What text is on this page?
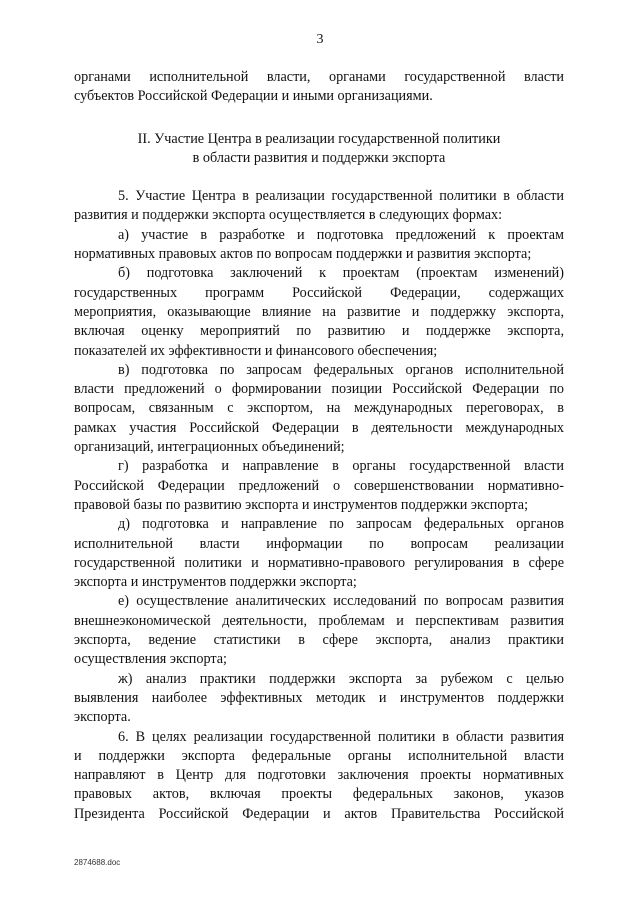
3
органами исполнительной власти, органами государственной власти
субъектов Российской Федерации и иными организациями.
II. Участие Центра в реализации государственной политики
в области развития и поддержки экспорта
5. Участие Центра в реализации государственной политики в области
развития и поддержки экспорта осуществляется в следующих формах:
а) участие в разработке и подготовка предложений к проектам
нормативных правовых актов по вопросам поддержки и развития экспорта;
б) подготовка заключений к проектам (проектам изменений)
государственных программ Российской Федерации, содержащих
мероприятия, оказывающие влияние на развитие и поддержку экспорта,
включая оценку мероприятий по развитию и поддержке экспорта,
показателей их эффективности и финансового обеспечения;
в) подготовка по запросам федеральных органов исполнительной
власти предложений о формировании позиции Российской Федерации по
вопросам, связанным с экспортом, на международных переговорах, в
рамках участия Российской Федерации в деятельности международных
организаций, интеграционных объединений;
г) разработка и направление в органы государственной власти
Российской Федерации предложений о совершенствовании нормативно-
правовой базы по развитию экспорта и инструментов поддержки экспорта;
д) подготовка и направление по запросам федеральных органов
исполнительной власти информации по вопросам реализации
государственной политики и нормативно-правового регулирования в сфере
экспорта и инструментов поддержки экспорта;
е) осуществление аналитических исследований по вопросам развития
внешнеэкономической деятельности, проблемам и перспективам развития
экспорта, ведение статистики в сфере экспорта, анализ практики
осуществления экспорта;
ж) анализ практики поддержки экспорта за рубежом с целью
выявления наиболее эффективных методик и инструментов поддержки
экспорта.
6. В целях реализации государственной политики в области развития
и поддержки экспорта федеральные органы исполнительной власти
направляют в Центр для подготовки заключения проекты нормативных
правовых актов, включая проекты федеральных законов, указов
Президента Российской Федерации и актов Правительства Российской
2874688.doc
